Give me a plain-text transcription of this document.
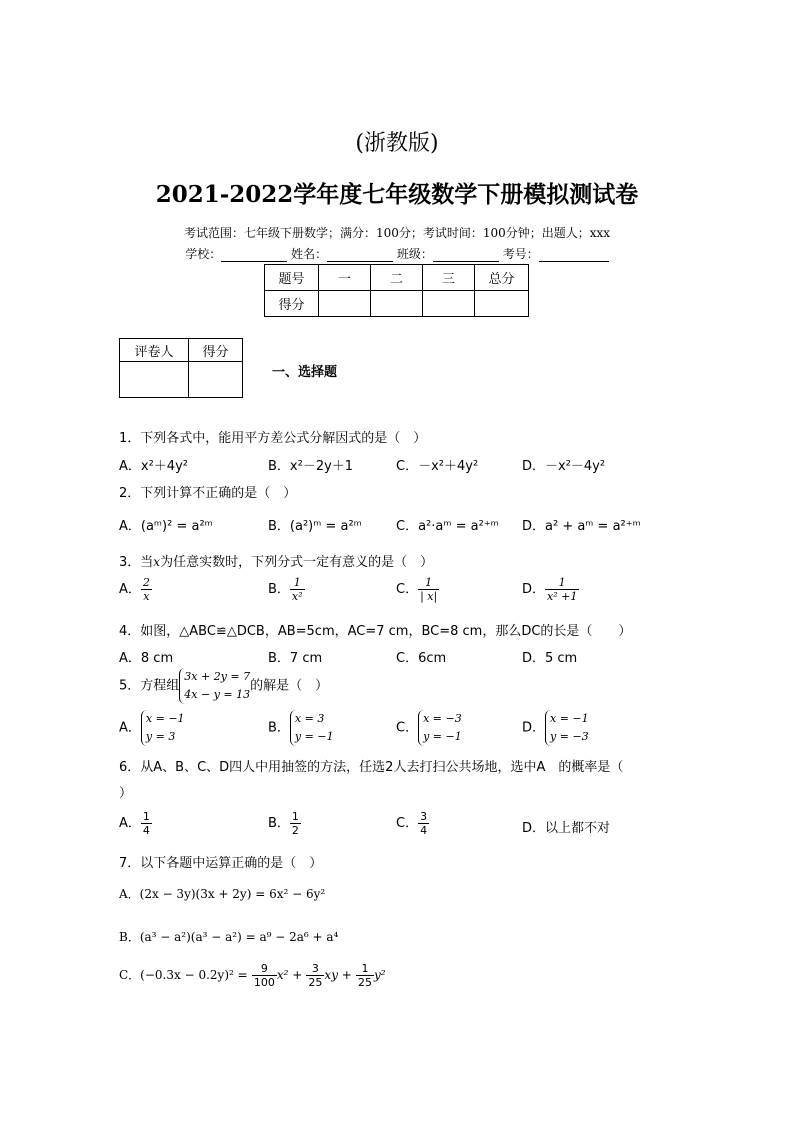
(浙教版)
2021-2022学年度七年级数学下册模拟测试卷
考试范围：七年级下册数学；满分：100分；考试时间：100分钟；出题人；xxx
学校：	姓名：	班级：	考号：
题号	一	二	三	总分
得分				
评卷人	得分

一、选择题
1．下列各式中，能用平方差公式分解因式的是（　）
A．x²＋4y²	B．x²－2y＋1	C．－x²＋4y²	D．－x²－4y²
2．下列计算不正确的是（　）
A．(aᵐ)² = a²ᵐ	B．(a²)ᵐ = a²ᵐ	C．a²·aᵐ = a²⁺ᵐ D．a² + aᵐ = a²⁺ᵐ
3．当x为任意实数时，下列分式一定有意义的是（　）
A． $\frac{2}{x}$	B． $\frac{1}{\text{x²}}$	C． $\frac{1}{| x|}$	D． $\frac{1}{\text{x² +1}}$
4．如图，△ABC≌△DCB，AB=5cm，AC=7 cm，BC=8 cm，那么DC的长是（　　）
A．8 cm	B．7 cm	C．6cm	D．5 cm
5．方程组
3x + 2y = 7
4x − y = 13
的解是（　）
A．
x = −1
y = 3
B．
x = 3
y = −1
C．
x = −3
y = −1
D．
x = −1
y = −3
6．从A、B、C、D四人中用抽签的方法，任选2人去打扫公共场地，选中A　的概率是（
）
A． $\frac{1}{4}$	B． $\frac{1}{2}$	C． $\frac{3}{4}$	D．以上都不对
7．以下各题中运算正确的是（　）
A．(2x − 3y)(3x + 2y) = 6x² − 6y²
B．(a³ − a²)(a³ − a²) = a⁹ − 2a⁶ + a⁴
C．$(-0.3x - 0.2y)^2 = \frac{9}{100} x^2 + \frac{3}{25}$ xy + $\frac{1}{25} y^2$
